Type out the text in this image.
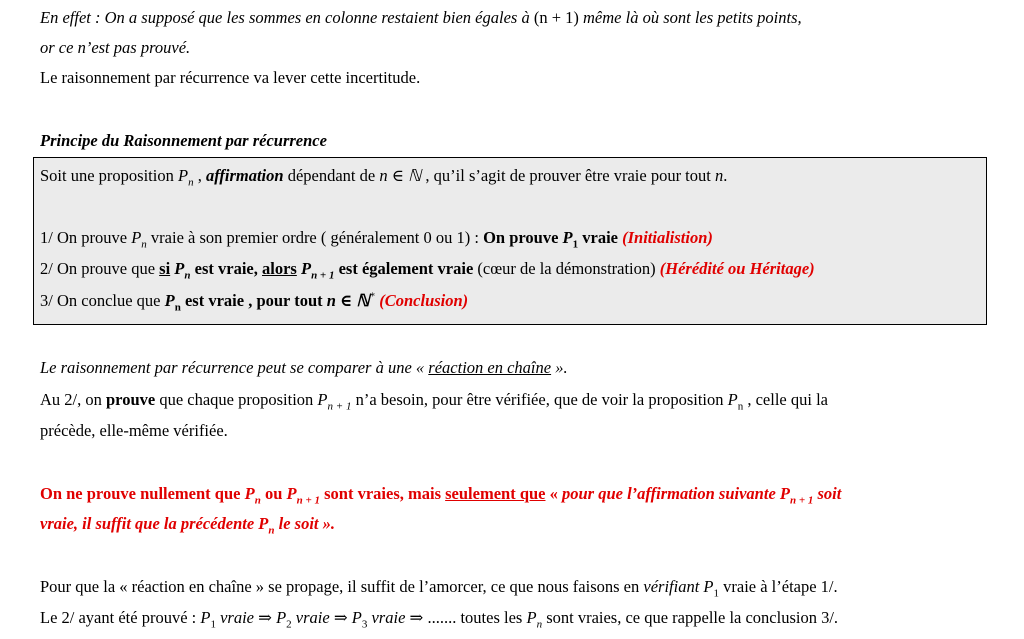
En effet : On a supposé que les sommes en colonne restaient bien égales à (n + 1) même là où sont les petits points,
or ce n’est pas prouvé.
Le raisonnement par récurrence va lever cette incertitude.
Principe du Raisonnement par récurrence
Soit une proposition $P_n$ , affirmation dépendant de n ∈ ℕ , qu’il s’agit de prouver être vraie pour tout n.
1/ On prouve $P_n$ vraie à son premier ordre ( généralement 0 ou 1) : On prouve $P_1$ vraie (Initialistion)
2/ On prouve que si $P_n$ est vraie, alors $P_{n + 1}$ est également vraie (cœur de la démonstration) (Hérédité ou Héritage)
3/ On conclue que $P_n$ est vraie , pour tout n ∈ ℕ* (Conclusion)
Le raisonnement par récurrence peut se comparer à une « réaction en chaîne ».
Au 2/, on prouve que chaque proposition $P_{n + 1}$ n’a besoin, pour être vérifiée, que de voir la proposition $P_n$ , celle qui la
précède, elle-même vérifiée.
On ne prouve nullement que $P_n$ ou $P_{n + 1}$ sont vraies, mais seulement que « pour que l’affirmation suivante $P_{n + 1}$ soit
vraie, il suffit que la précédente $P_n$ le soit ».
Pour que la « réaction en chaîne » se propage, il suffit de l’amorcer, ce que nous faisons en vérifiant $P_1$ vraie à l’étape 1/.
Le 2/ ayant été prouvé : $P_1$ vraie ⇒ $P_2$ vraie ⇒ $P_3$ vraie ⇒ ....... toutes les $P_n$ sont vraies, ce que rappelle la conclusion 3/.
